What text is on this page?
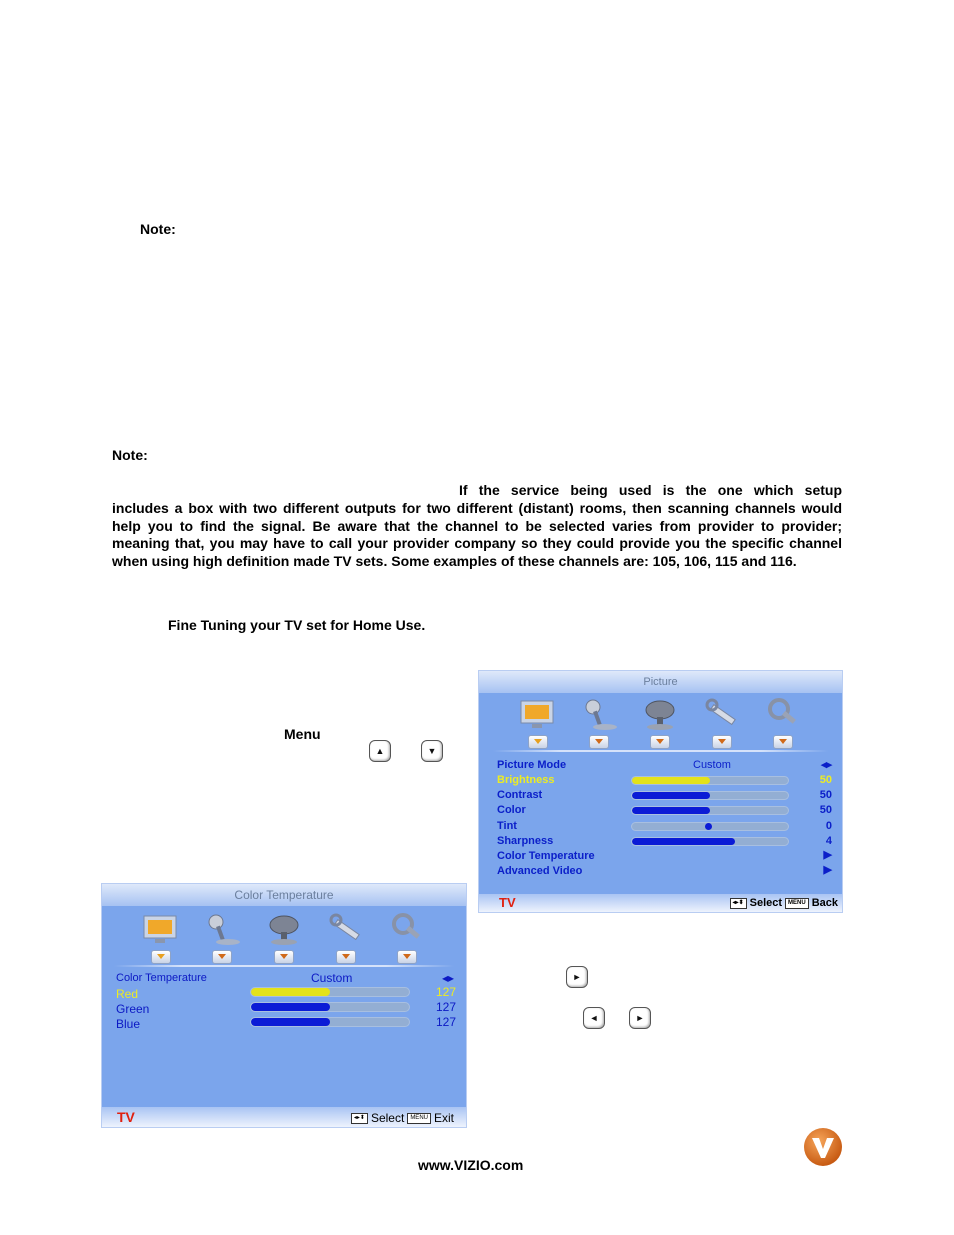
Note:
Note:
If the service being used is the one which setup
includes a box with two different outputs for two different (distant) rooms, then scanning channels would help you to find the signal. Be aware that the channel to be selected varies from provider to provider; meaning that, you may have to call your provider company so they could provide you the specific channel when using high definition made TV sets. Some examples of these channels are: 105, 106, 115 and 116.
Fine Tuning your TV set for Home Use.
Menu
▲	▼
►
◄	►
Picture
Picture Mode	Custom	◂▸
Brightness	50
Contrast	50
Color	50
Tint	0
Sharpness	4
Color Temperature	▶
Advanced Video	▶
TV	◂▸⬍ Select	MENU Back
Color Temperature
Color Temperature	Custom	◂▸
Red	127
Green	127
Blue	127
TV	◂▸⬍ Select	MENU Exit
www.VIZIO.com
